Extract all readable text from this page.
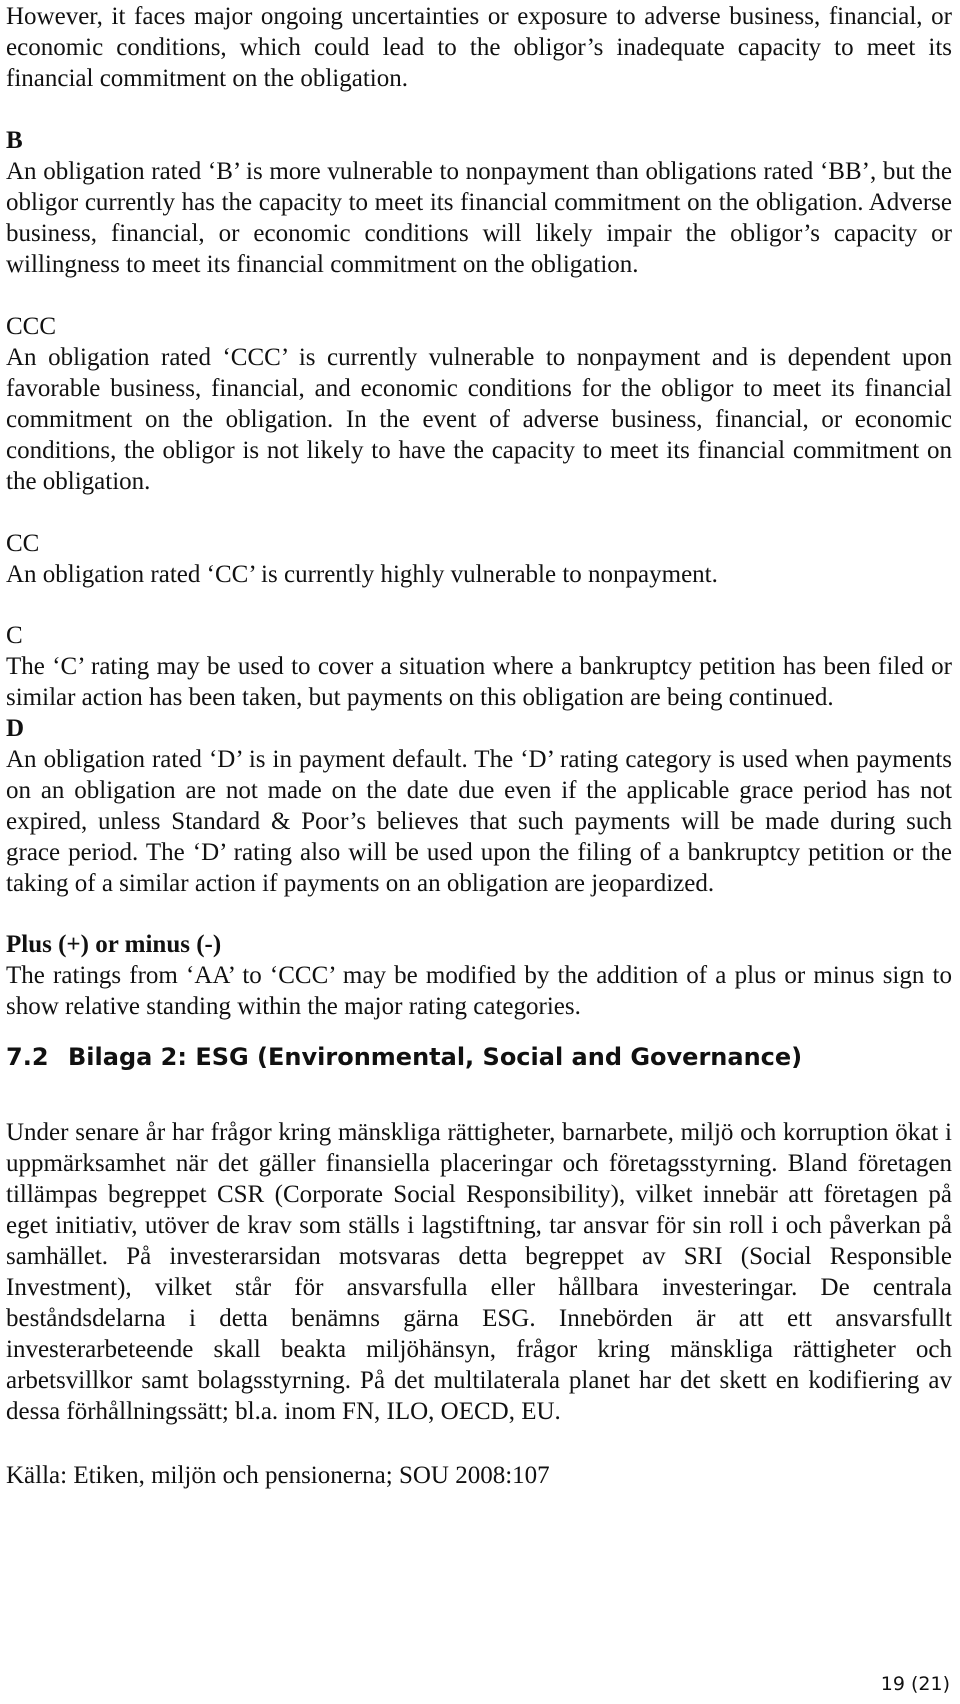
However, it faces major ongoing uncertainties or exposure to adverse business, financial, or economic conditions, which could lead to the obligor’s inadequate capacity to meet its financial commitment on the obligation.

B

An obligation rated ‘B’ is more vulnerable to nonpayment than obligations rated ‘BB’, but the obligor currently has the capacity to meet its financial commitment on the obligation. Adverse business, financial, or economic conditions will likely impair the obligor’s capacity or willingness to meet its financial commitment on the obligation.

CCC

An obligation rated ‘CCC’ is currently vulnerable to nonpayment and is dependent upon favorable business, financial, and economic conditions for the obligor to meet its financial commitment on the obligation. In the event of adverse business, financial, or economic conditions, the obligor is not likely to have the capacity to meet its financial commitment on the obligation.

CC

An obligation rated ‘CC’ is currently highly vulnerable to nonpayment.

C

The ‘C’ rating may be used to cover a situation where a bankruptcy petition has been filed or similar action has been taken, but payments on this obligation are being continued.

D

An obligation rated ‘D’ is in payment default. The ‘D’ rating category is used when payments on an obligation are not made on the date due even if the applicable grace period has not expired, unless Standard & Poor’s believes that such payments will be made during such grace period. The ‘D’ rating also will be used upon the filing of a bankruptcy petition or the taking of a similar action if payments on an obligation are jeopardized.

Plus (+) or minus (-)

The ratings from ‘AA’ to ‘CCC’ may be modified by the addition of a plus or minus sign to show relative standing within the major rating categories.

7.2 Bilaga 2: ESG (Environmental, Social and Governance)

Under senare år har frågor kring mänskliga rättigheter, barnarbete, miljö och korruption ökat i uppmärksamhet när det gäller finansiella placeringar och företagsstyrning. Bland företagen tillämpas begreppet CSR (Corporate Social Responsibility), vilket innebär att företagen på eget initiativ, utöver de krav som ställs i lagstiftning, tar ansvar för sin roll i och påverkan på samhället. På investerarsidan motsvaras detta begreppet av SRI (Social Responsible Investment), vilket står för ansvarsfulla eller hållbara investeringar. De centrala beståndsdelarna i detta benämns gärna ESG. Innebörden är att ett ansvarsfullt investerarbeteende skall beakta miljöhänsyn, frågor kring mänskliga rättigheter och arbetsvillkor samt bolagsstyrning. På det multilaterala planet har det skett en kodifiering av dessa förhållningssätt; bl.a. inom FN, ILO, OECD, EU.

Källa: Etiken, miljön och pensionerna; SOU 2008:107

19 (21)
